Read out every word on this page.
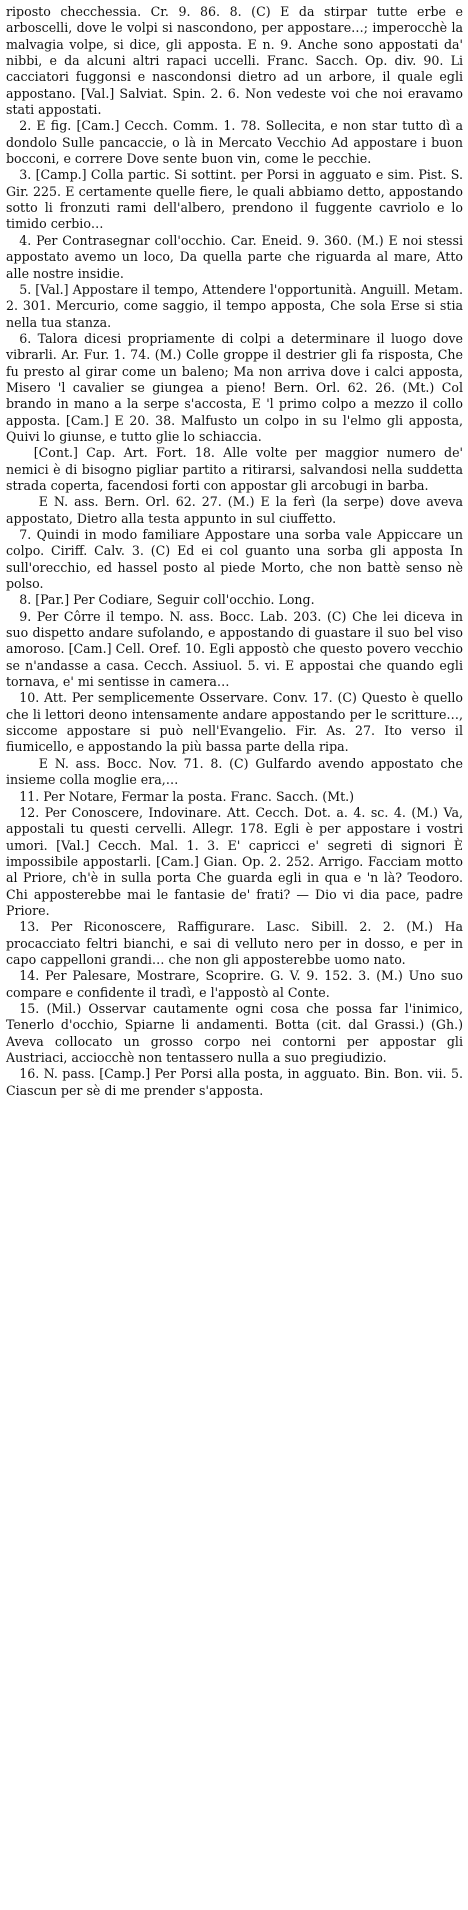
riposto checchessia. Cr. 9. 86. 8. (C) E da stirpar tutte erbe e arboscelli, dove le volpi si nascondono, per appostare…; imperocchè la malvagia volpe, si dice, gli apposta. E n. 9. Anche sono appostati da' nibbi, e da alcuni altri rapaci uccelli. Franc. Sacch. Op. div. 90. Li cacciatori fuggonsi e nascondonsi dietro ad un arbore, il quale egli appostano. [Val.] Salviat. Spin. 2. 6. Non vedeste voi che noi eravamo stati appostati.

2. E fig. [Cam.] Cecch. Comm. 1. 78. Sollecita, e non star tutto dì a dondolo Sulle pancaccie, o là in Mercato Vecchio Ad appostare i buon bocconi, e correre Dove sente buon vin, come le pecchie.

3. [Camp.] Colla partic. Si sottint. per Porsi in agguato e sim. Pist. S. Gir. 225. E certamente quelle fiere, le quali abbiamo detto, appostando sotto li fronzuti rami dell'albero, prendono il fuggente cavriolo e lo timido cerbio…

4. Per Contrasegnar coll'occhio. Car. Eneid. 9. 360. (M.) E noi stessi appostato avemo un loco, Da quella parte che riguarda al mare, Atto alle nostre insidie.

5. [Val.] Appostare il tempo, Attendere l'opportunità. Anguill. Metam. 2. 301. Mercurio, come saggio, il tempo apposta, Che sola Erse si stia nella tua stanza.

6. Talora dicesi propriamente di colpi a determinare il luogo dove vibrarli. Ar. Fur. 1. 74. (M.) Colle groppe il destrier gli fa risposta, Che fu presto al girar come un baleno; Ma non arriva dove i calci apposta, Misero 'l cavalier se giungea a pieno! Bern. Orl. 62. 26. (Mt.) Col brando in mano a la serpe s'accosta, E 'l primo colpo a mezzo il collo apposta. [Cam.] E 20. 38. Malfusto un colpo in su l'elmo gli apposta, Quivi lo giunse, e tutto glie lo schiaccia.

[Cont.] Cap. Art. Fort. 18. Alle volte per maggior numero de' nemici è di bisogno pigliar partito a ritirarsi, salvandosi nella suddetta strada coperta, facendosi forti con appostar gli arcobugi in barba.

E N. ass. Bern. Orl. 62. 27. (M.) E la ferì (la serpe) dove aveva appostato, Dietro alla testa appunto in sul ciuffetto.

7. Quindi in modo familiare Appostare una sorba vale Appiccare un colpo. Ciriff. Calv. 3. (C) Ed ei col guanto una sorba gli apposta In sull'orecchio, ed hassel posto al piede Morto, che non battè senso nè polso.

8. [Par.] Per Codiare, Seguir coll'occhio. Long.

9. Per Côrre il tempo. N. ass. Bocc. Lab. 203. (C) Che lei diceva in suo dispetto andare sufolando, e appostando di guastare il suo bel viso amoroso. [Cam.] Cell. Oref. 10. Egli appostò che questo povero vecchio se n'andasse a casa. Cecch. Assiuol. 5. vi. E appostai che quando egli tornava, e' mi sentisse in camera…

10. Att. Per semplicemente Osservare. Conv. 17. (C) Questo è quello che li lettori deono intensamente andare appostando per le scritture…, siccome appostare si può nell'Evangelio. Fir. As. 27. Ito verso il fiumicello, e appostando la più bassa parte della ripa.

E N. ass. Bocc. Nov. 71. 8. (C) Gulfardo avendo appostato che insieme colla moglie era,…

11. Per Notare, Fermar la posta. Franc. Sacch. (Mt.)

12. Per Conoscere, Indovinare. Att. Cecch. Dot. a. 4. sc. 4. (M.) Va, appostali tu questi cervelli. Allegr. 178. Egli è per appostare i vostri umori. [Val.] Cecch. Mal. 1. 3. E' capricci e' segreti di signori È impossibile appostarli. [Cam.] Gian. Op. 2. 252. Arrigo. Facciam motto al Priore, ch'è in sulla porta Che guarda egli in qua e 'n là? Teodoro. Chi apposterebbe mai le fantasie de' frati? — Dio vi dia pace, padre Priore.

13. Per Riconoscere, Raffigurare. Lasc. Sibill. 2. 2. (M.) Ha procacciato feltri bianchi, e sai di velluto nero per in dosso, e per in capo cappelloni grandi… che non gli apposterebbe uomo nato.

14. Per Palesare, Mostrare, Scoprire. G. V. 9. 152. 3. (M.) Uno suo compare e confidente il tradì, e l'appostò al Conte.

15. (Mil.) Osservar cautamente ogni cosa che possa far l'inimico, Tenerlo d'occhio, Spiarne li andamenti. Botta (cit. dal Grassi.) (Gh.) Aveva collocato un grosso corpo nei contorni per appostar gli Austriaci, acciocchè non tentassero nulla a suo pregiudizio.

16. N. pass. [Camp.] Per Porsi alla posta, in agguato. Bin. Bon. vii. 5. Ciascun per sè di me prender s'apposta.
